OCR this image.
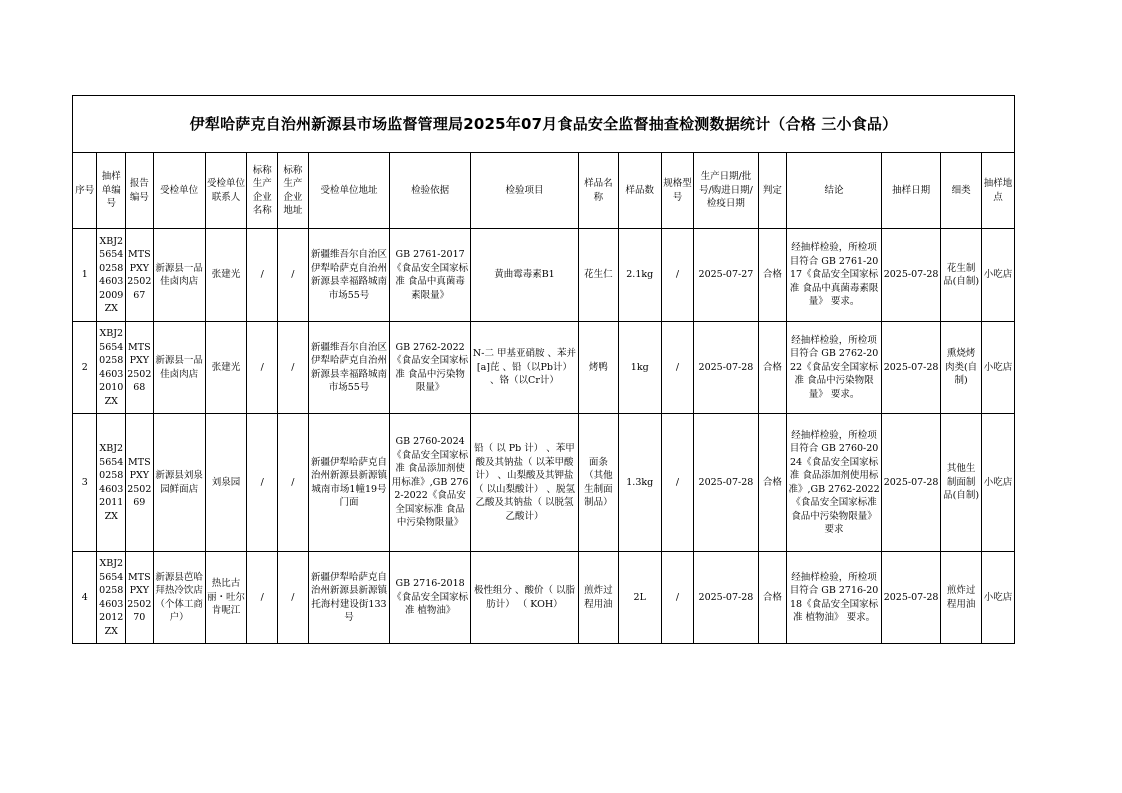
伊犁哈萨克自治州新源县市场监督管理局2025年07月食品安全监督抽查检测数据统计（合格 三小食品）																		
序号	抽样单编号	报告编号	受检单位	受检单位联系人	标称生产企业名称	标称生产企业地址	受检单位地址	检验依据	检验项目	样品名称	样品数	规格型号	生产日期/批号/购进日期/检疫日期	判定	结论	抽样日期	细类	抽样地点
1	XBJ25654025846032009ZX	MTSPXY250267	新源县一品佳卤肉店	张建光	/	/	新疆维吾尔自治区伊犁哈萨克自治州新源县幸福路城南市场55号	GB 2761-2017《食品安全国家标准 食品中真菌毒素限量》	黄曲霉毒素B1	花生仁	2.1kg	/	2025-07-27	合格	经抽样检验，所检项目符合 GB 2761-2017《食品安全国家标准 食品中真菌毒素限量》 要求。	2025-07-28	花生制品(自制)	小吃店
2	XBJ25654025846032010ZX	MTSPXY250268	新源县一品佳卤肉店	张建光	/	/	新疆维吾尔自治区伊犁哈萨克自治州新源县幸福路城南市场55号	GB 2762-2022《食品安全国家标准 食品中污染物限量》	N-二 甲基亚硝胺 、苯并[a]芘 、铅（以Pb计） 、铬（以Cr计）	烤鸭	1kg	/	2025-07-28	合格	经抽样检验，所检项目符合 GB 2762-2022《食品安全国家标准 食品中污染物限量》 要求。	2025-07-28	熏烧烤肉类(自制)	小吃店
3	XBJ25654025846032011ZX	MTSPXY250269	新源县刘泉园鲜面店	刘泉园	/	/	新疆伊犁哈萨克自治州新源县新源镇城南市场1幢19号门面	GB 2760-2024《食品安全国家标准 食品添加剂使用标准》,GB 2762-2022《食品安全国家标准 食品中污染物限量》	铅（ 以 Pb 计） 、苯甲酸及其钠盐（ 以苯甲酸计） 、山梨酸及其钾盐（ 以山梨酸计） 、脱氢乙酸及其钠盐（ 以脱氢乙酸计）	面条（其他生制面制品）	1.3kg	/	2025-07-28	合格	经抽样检验，所检项目符合 GB 2760-2024《食品安全国家标准 食品添加剂使用标准》,GB 2762-2022《食品安全国家标准 食品中污染物限量》 要求	2025-07-28	其他生制面制品(自制)	小吃店
4	XBJ25654025846032012ZX	MTSPXY250270	新源县芭哈拜热冷饮店（个体工商户）	热比古丽・吐尔肯呢江	/	/	新疆伊犁哈萨克自治州新源县新源镇托海村建设街133号	GB 2716-2018《食品安全国家标准 植物油》	极性组分 、酸价（ 以脂肪计） （ KOH）	煎炸过程用油	2L	/	2025-07-28	合格	经抽样检验，所检项目符合 GB 2716-2018《食品安全国家标准 植物油》 要求。	2025-07-28	煎炸过程用油	小吃店
